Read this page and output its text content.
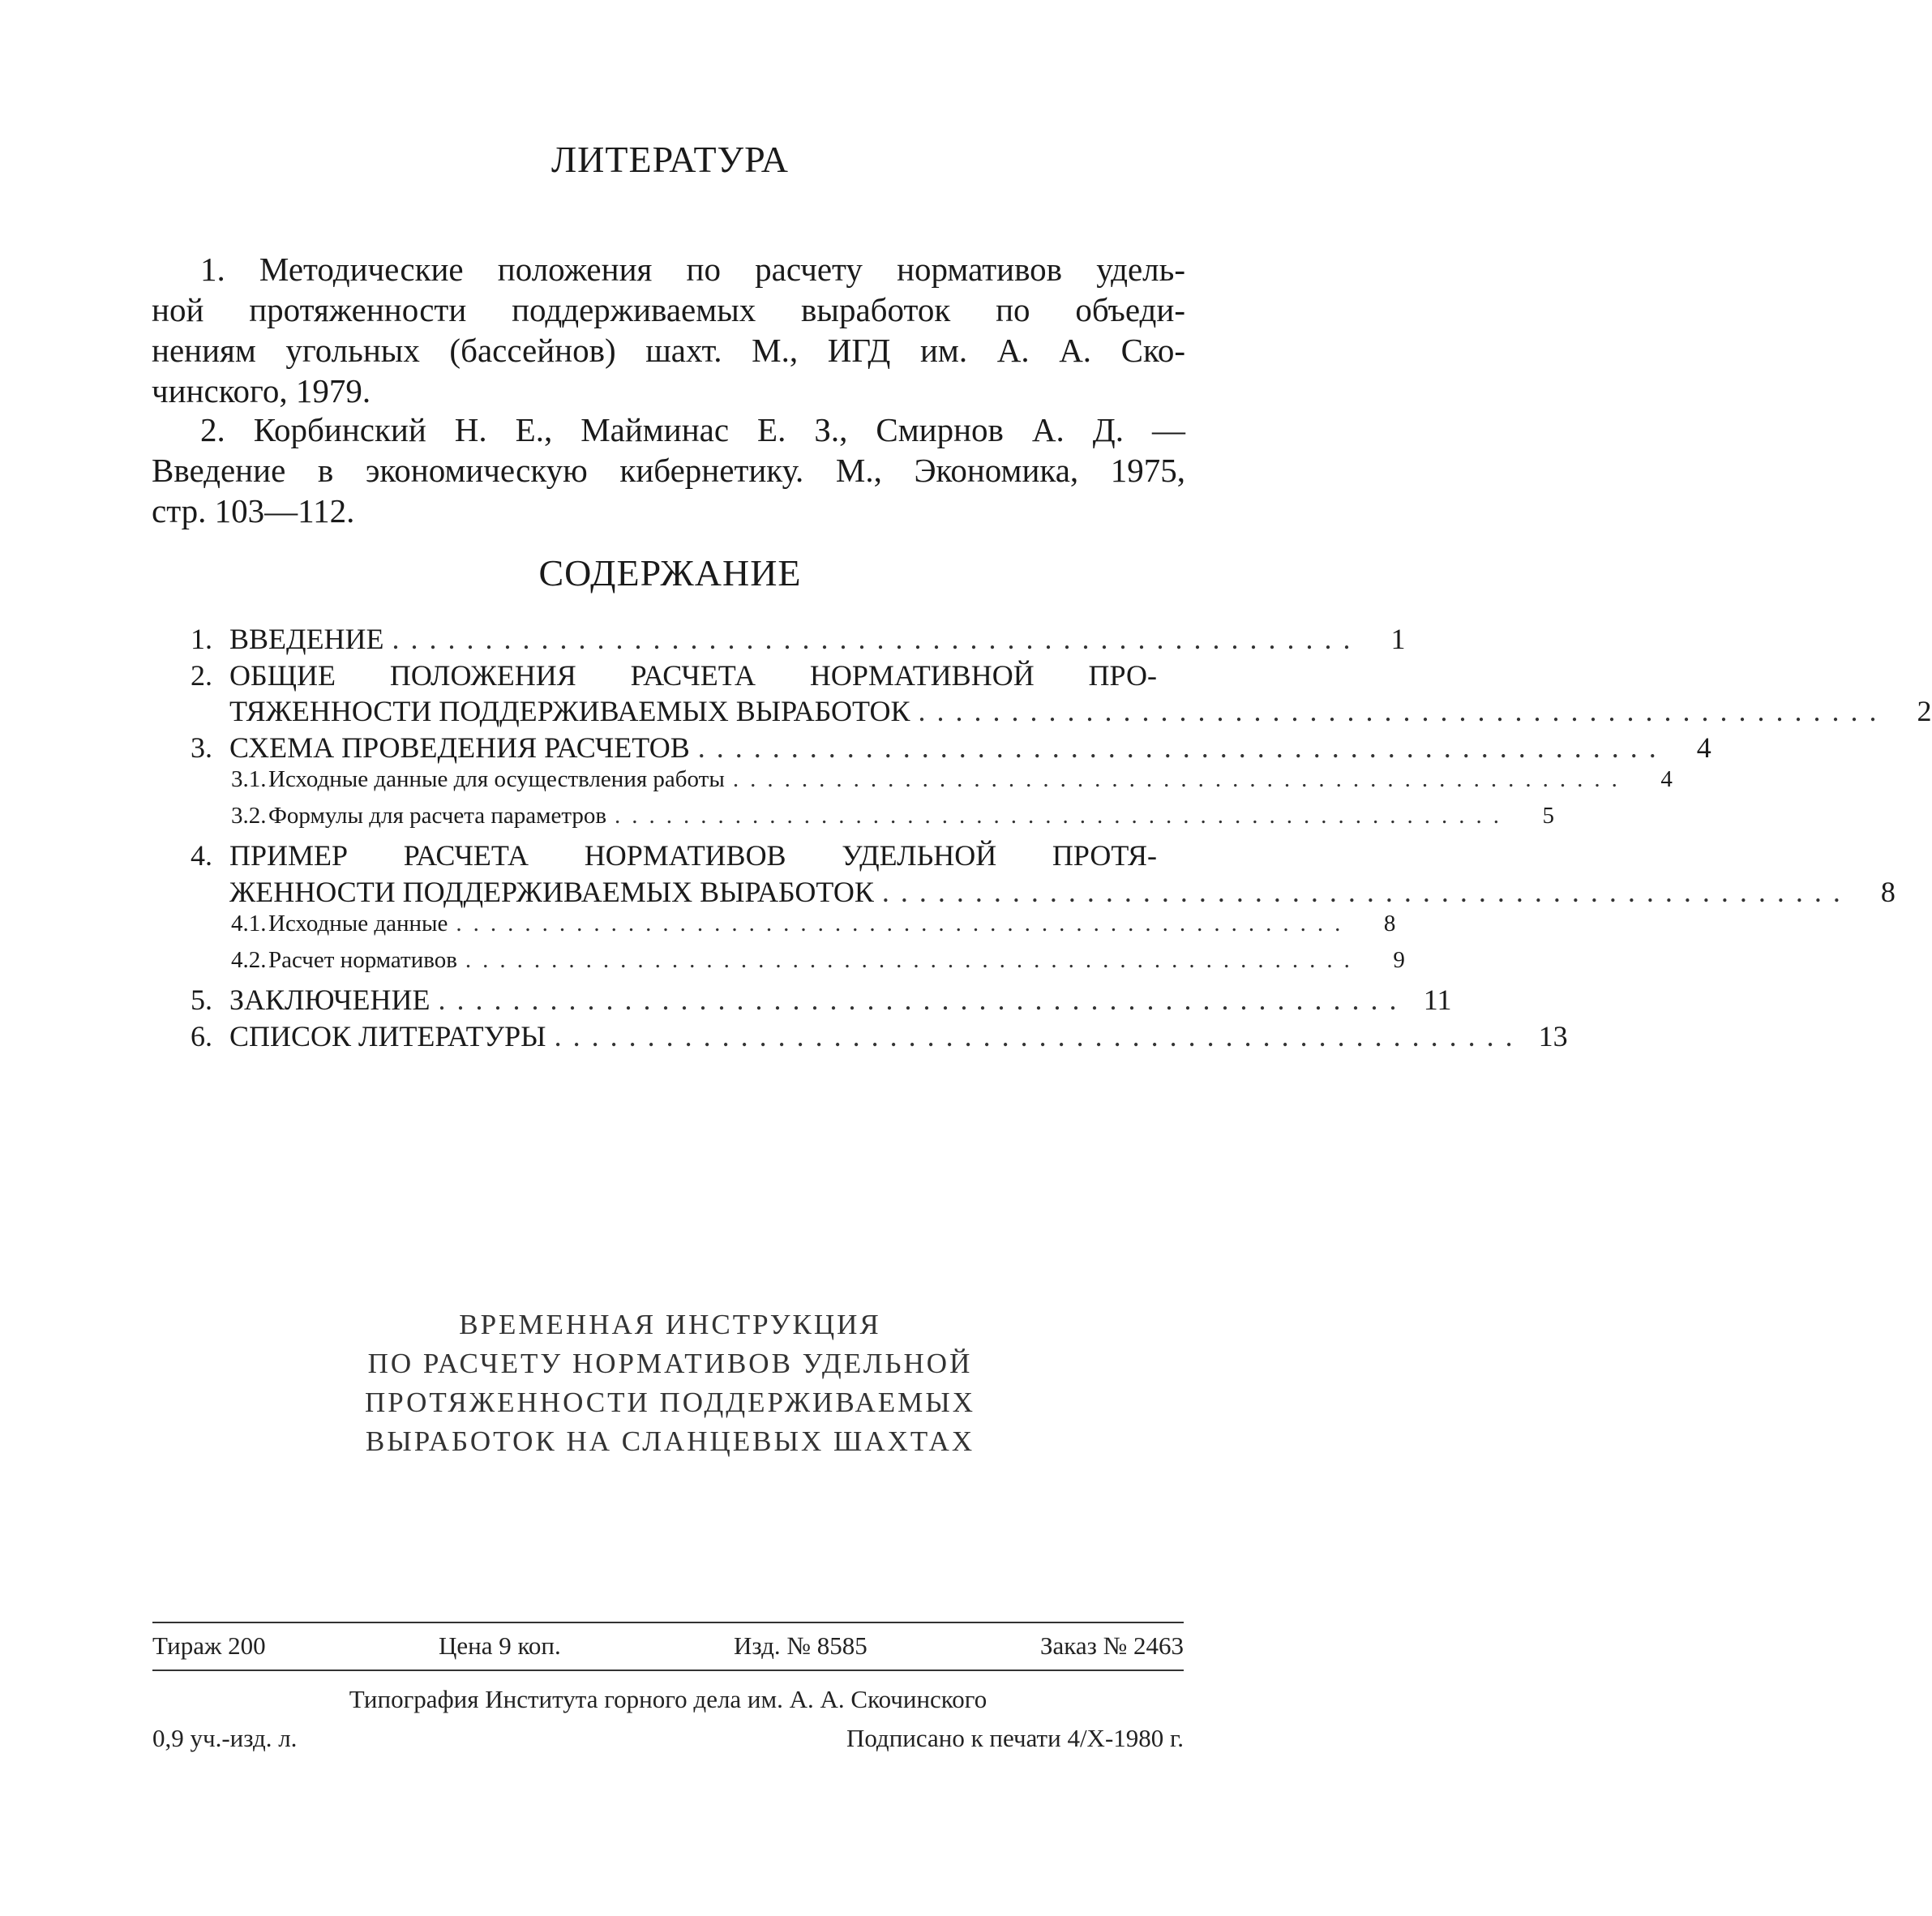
ЛИТЕРАТУРА
1. Методические положения по расчету нормативов удель-
ной протяженности поддерживаемых выработок по объеди-
нениям угольных (бассейнов) шахт. М., ИГД им. А. А. Ско-
чинского, 1979.
2. Корбинский Н. Е., Майминас Е. З., Смирнов А. Д. —
Введение в экономическую кибернетику. М., Экономика, 1975,
стр. 103—112.
СОДЕРЖАНИЕ
1. ВВЕДЕНИЕ ....................................................	1
2. ОБЩИЕ ПОЛОЖЕНИЯ РАСЧЕТА НОРМАТИВНОЙ ПРО-
ТЯЖЕННОСТИ ПОДДЕРЖИВАЕМЫХ ВЫРАБОТОК ....................................................	2
3. СХЕМА ПРОВЕДЕНИЯ РАСЧЕТОВ ....................................................	4
3.1. Исходные данные для осуществления работы ....................................................	4
3.2. Формулы для расчета параметров ....................................................	5
4. ПРИМЕР РАСЧЕТА НОРМАТИВОВ УДЕЛЬНОЙ ПРОТЯ-
ЖЕННОСТИ ПОДДЕРЖИВАЕМЫХ ВЫРАБОТОК ....................................................	8
4.1. Исходные данные ....................................................	8
4.2. Расчет нормативов ....................................................	9
5. ЗАКЛЮЧЕНИЕ .................................................... 11
6. СПИСОК ЛИТЕРАТУРЫ .................................................... 13
ВРЕМЕННАЯ ИНСТРУКЦИЯ
ПО РАСЧЕТУ НОРМАТИВОВ УДЕЛЬНОЙ
ПРОТЯЖЕННОСТИ ПОДДЕРЖИВАЕМЫХ
ВЫРАБОТОК НА СЛАНЦЕВЫХ ШАХТАХ
Тираж 200	Цена 9 коп.	Изд. № 8585	Заказ № 2463
Типография Института горного дела им. А. А. Скочинского
0,9 уч.-изд. л.	Подписано к печати 4/X-1980 г.
